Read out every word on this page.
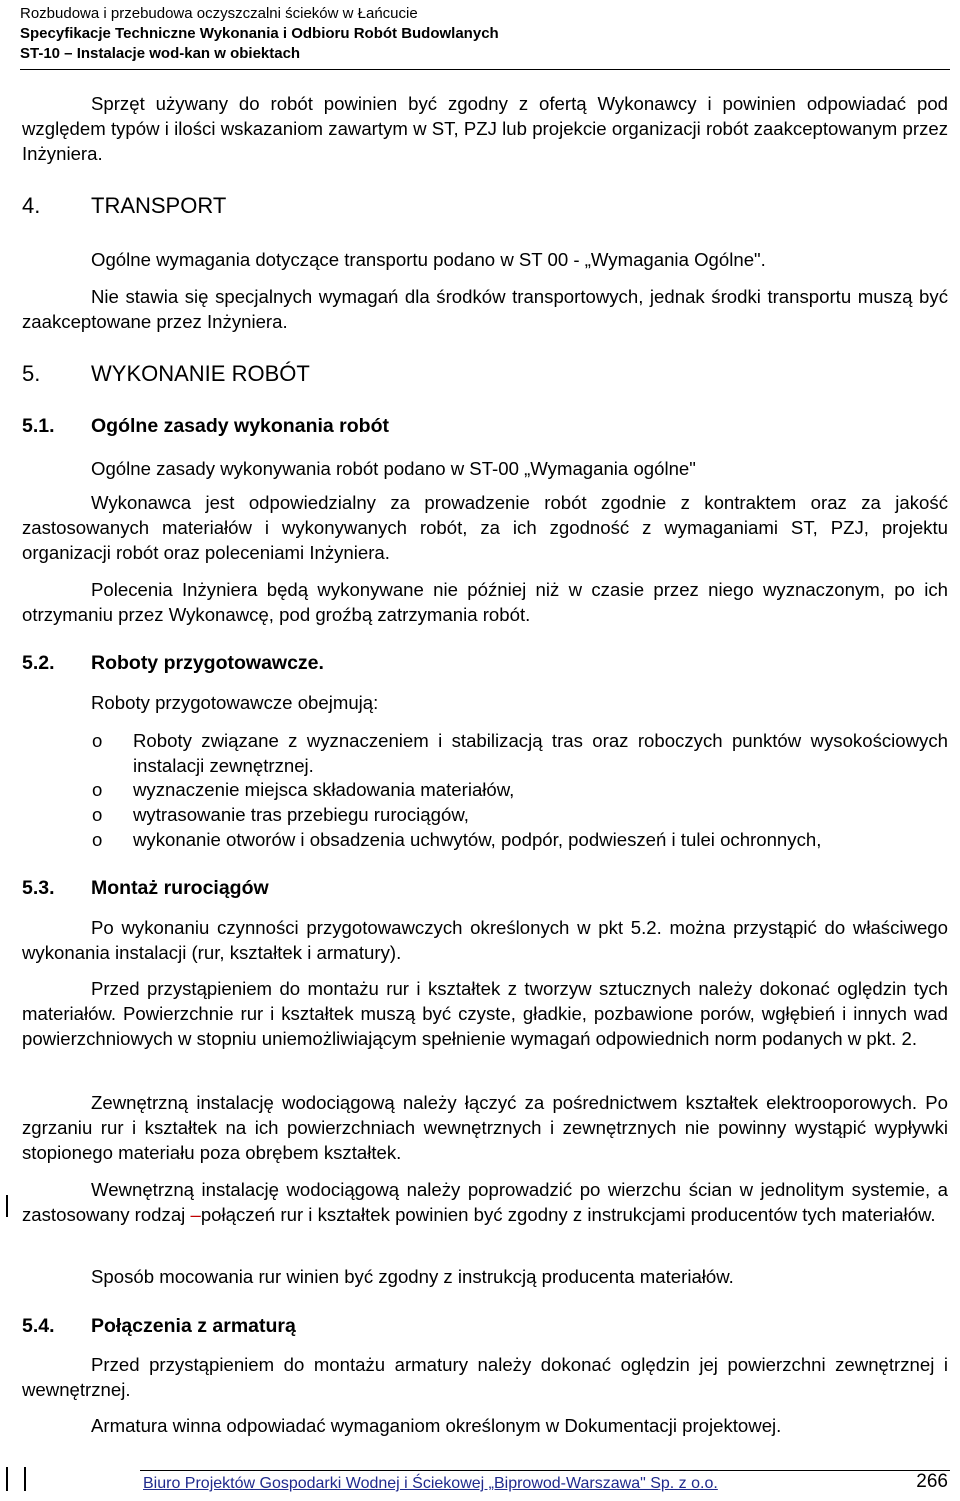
Rozbudowa i przebudowa oczyszczalni ścieków w Łańcucie
Specyfikacje Techniczne Wykonania i Odbioru Robót Budowlanych
ST-10 – Instalacje wod-kan w obiektach
Sprzęt używany do robót powinien być zgodny z ofertą Wykonawcy i powinien odpowiadać pod względem typów i ilości wskazaniom zawartym w ST, PZJ lub projekcie organizacji robót zaakceptowanym przez Inżyniera.
4. TRANSPORT
Ogólne wymagania dotyczące transportu podano w ST 00 - „Wymagania Ogólne".
Nie stawia się specjalnych wymagań dla środków transportowych, jednak środki transportu muszą być zaakceptowane przez Inżyniera.
5. WYKONANIE ROBÓT
5.1. Ogólne zasady wykonania robót
Ogólne zasady wykonywania robót podano w ST-00 „Wymagania ogólne"
Wykonawca jest odpowiedzialny za prowadzenie robót zgodnie z kontraktem oraz za jakość zastosowanych materiałów i wykonywanych robót, za ich zgodność z wymaganiami ST, PZJ, projektu organizacji robót oraz poleceniami Inżyniera.
Polecenia Inżyniera będą wykonywane nie później niż w czasie przez niego wyznaczonym, po ich otrzymaniu przez Wykonawcę, pod groźbą zatrzymania robót.
5.2. Roboty przygotowawcze.
Roboty przygotowawcze obejmują:
o Roboty związane z wyznaczeniem i stabilizacją tras oraz roboczych punktów wysokościowych instalacji zewnętrznej.
o wyznaczenie miejsca składowania materiałów,
o wytrasowanie tras przebiegu rurociągów,
o wykonanie otworów i obsadzenia uchwytów, podpór, podwieszeń i tulei ochronnych,
5.3. Montaż rurociągów
Po wykonaniu czynności przygotowawczych określonych w pkt 5.2. można przystąpić do właściwego wykonania instalacji (rur, kształtek i armatury).
Przed przystąpieniem do montażu rur i kształtek z tworzyw sztucznych należy dokonać oględzin tych materiałów. Powierzchnie rur i kształtek muszą być czyste, gładkie, pozbawione porów, wgłębień i innych wad powierzchniowych w stopniu uniemożliwiającym spełnienie wymagań odpowiednich norm podanych w pkt. 2.
Zewnętrzną instalację wodociągową należy łączyć za pośrednictwem kształtek elektrooporowych. Po zgrzaniu rur i kształtek na ich powierzchniach wewnętrznych i zewnętrznych nie powinny wystąpić wypływki stopionego materiału poza obrębem kształtek.
Wewnętrzną instalację wodociągową należy poprowadzić po wierzchu ścian w jednolitym systemie, a zastosowany rodzaj –połączeń rur i kształtek powinien być zgodny z instrukcjami producentów tych materiałów.
Sposób mocowania rur winien być zgodny z instrukcją producenta materiałów.
5.4. Połączenia z armaturą
Przed przystąpieniem do montażu armatury należy dokonać oględzin jej powierzchni zewnętrznej i wewnętrznej.
Armatura winna odpowiadać wymaganiom określonym w Dokumentacji projektowej.
Biuro Projektów Gospodarki Wodnej i Ściekowej „Biprowod-Warszawa" Sp. z o.o.	266
